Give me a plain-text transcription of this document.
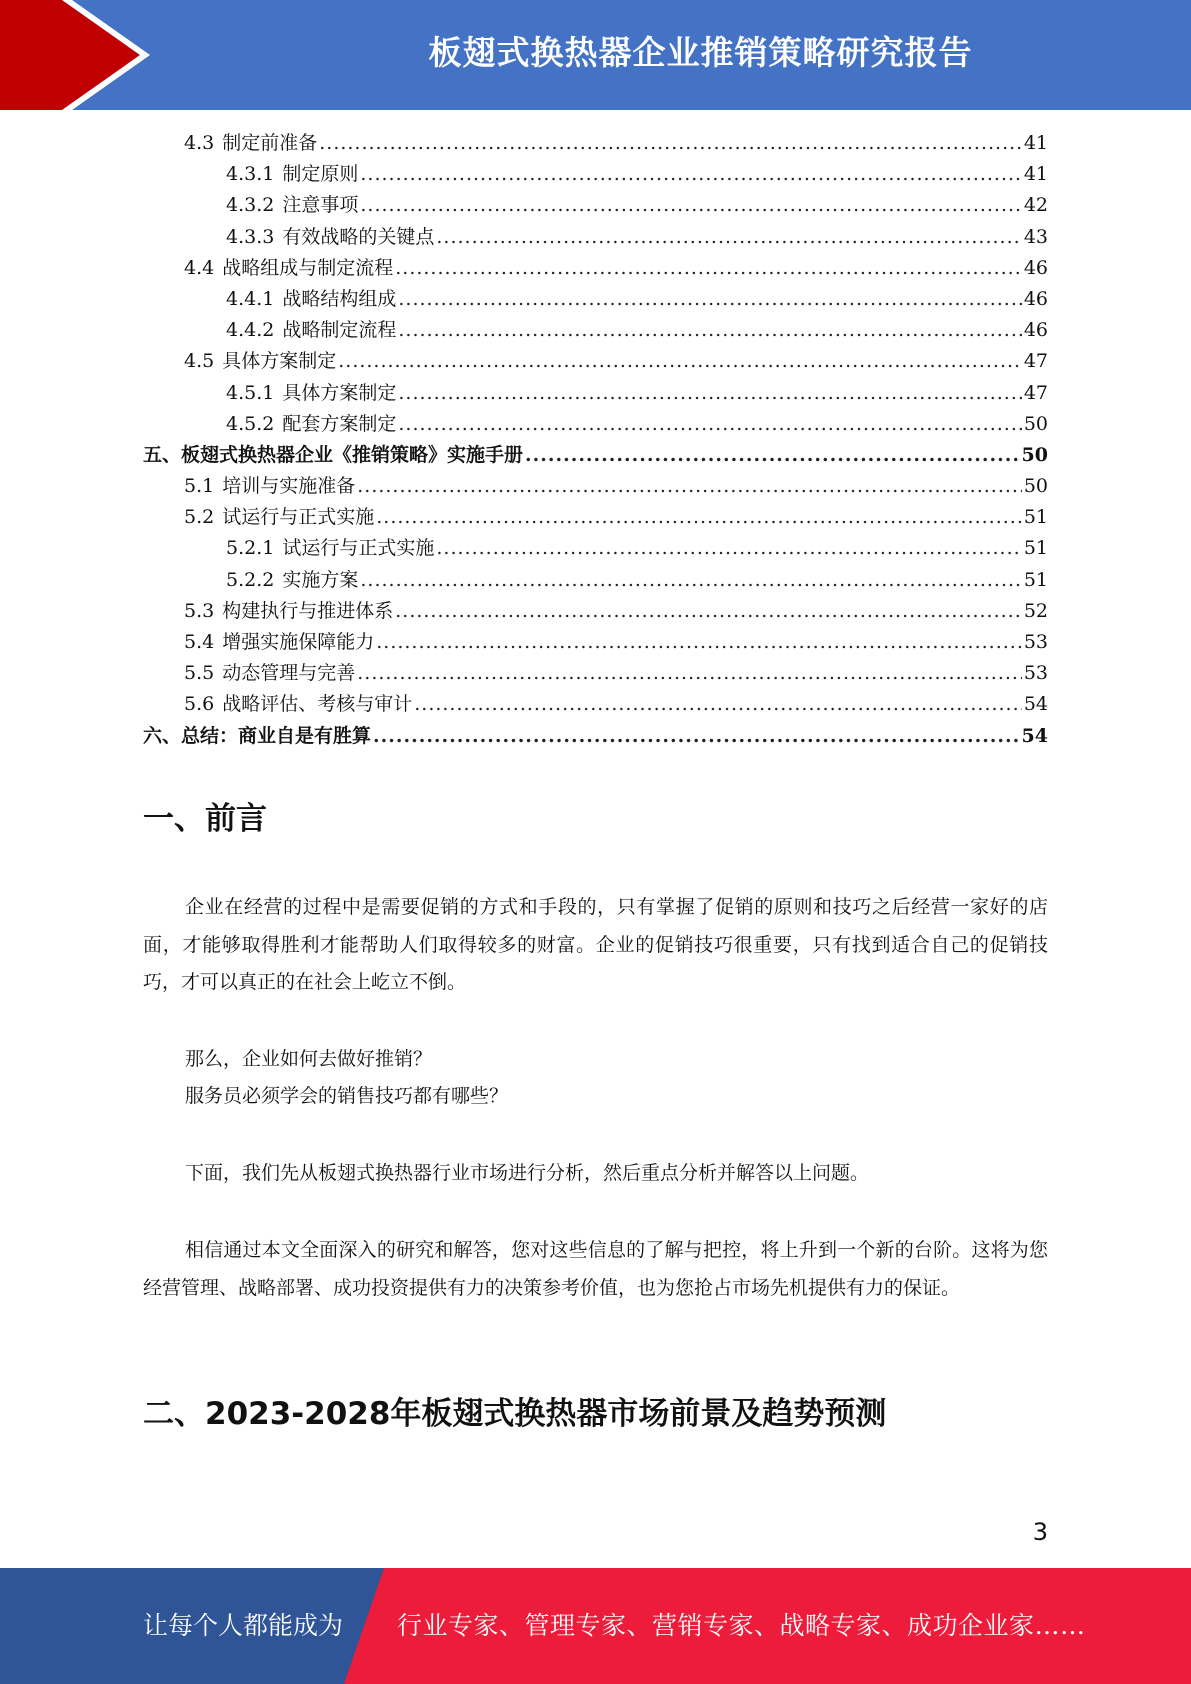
板翅式换热器企业推销策略研究报告
4.3 制定前准备 .....	41
4.3.1 制定原则 .....	41
4.3.2 注意事项 .....	42
4.3.3 有效战略的关键点 .....	43
4.4 战略组成与制定流程 .....	46
4.4.1 战略结构组成 .....	46
4.4.2 战略制定流程 .....	46
4.5 具体方案制定 .....	47
4.5.1 具体方案制定 .....	47
4.5.2 配套方案制定 .....	50
五、板翅式换热器企业《推销策略》实施手册 .....	50
5.1 培训与实施准备 .....	50
5.2 试运行与正式实施 .....	51
5.2.1 试运行与正式实施 .....	51
5.2.2 实施方案 .....	51
5.3 构建执行与推进体系 .....	52
5.4 增强实施保障能力 .....	53
5.5 动态管理与完善 .....	53
5.6 战略评估、考核与审计 .....	54
六、总结：商业自是有胜算 .....	54
一、前言
企业在经营的过程中是需要促销的方式和手段的，只有掌握了促销的原则和技巧之后经营一家好的店面，才能够取得胜利才能帮助人们取得较多的财富。企业的促销技巧很重要，只有找到适合自己的促销技巧，才可以真正的在社会上屹立不倒。
那么，企业如何去做好推销？
服务员必须学会的销售技巧都有哪些？
下面，我们先从板翅式换热器行业市场进行分析，然后重点分析并解答以上问题。
相信通过本文全面深入的研究和解答，您对这些信息的了解与把控，将上升到一个新的台阶。这将为您经营管理、战略部署、成功投资提供有力的决策参考价值，也为您抢占市场先机提供有力的保证。
二、2023-2028年板翅式换热器市场前景及趋势预测
3
让每个人都能成为 行业专家、管理专家、营销专家、战略专家、成功企业家……
